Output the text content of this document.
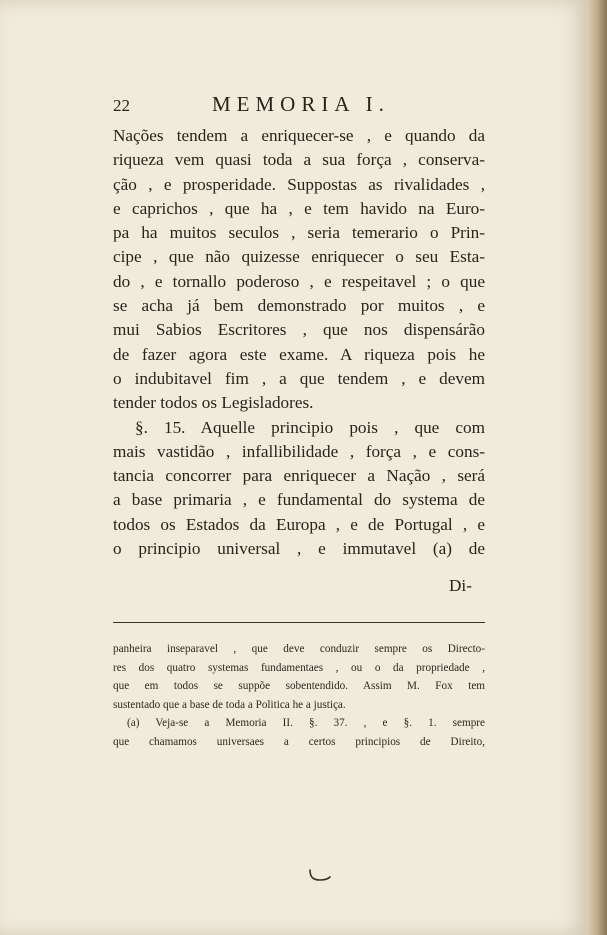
22	MEMORIA I.
Nações tendem a enriquecer-se , e quando da
riqueza vem quasi toda a sua força , conserva-
ção , e prosperidade. Suppostas as rivalidades ,
e caprichos , que ha , e tem havido na Euro-
pa ha muitos seculos , seria temerario o Prin-
cipe , que não quizesse enriquecer o seu Esta-
do , e tornallo poderoso , e respeitavel ; o que
se acha já bem demonstrado por muitos , e
mui Sabios Escritores , que nos dispensárão
de fazer agora este exame. A riqueza pois he
o indubitavel fim , a que tendem , e devem
tender todos os Legisladores.
§. 15. Aquelle principio pois , que com
mais vastidão , infallibilidade , força , e cons-
tancia concorrer para enriquecer a Nação , será
a base primaria , e fundamental do systema de
todos os Estados da Europa , e de Portugal , e
o principio universal , e immutavel (a) de
Di-
panheira inseparavel , que deve conduzir sempre os Directo-
res dos quatro systemas fundamentaes , ou o da propriedade ,
que em todos se suppõe sobentendido. Assim M. Fox tem
sustentado que a base de toda a Politica he a justiça.
(a) Veja-se a Memoria II. §. 37. , e §. 1. sempre
que chamamos universaes a certos principios de Direito,
